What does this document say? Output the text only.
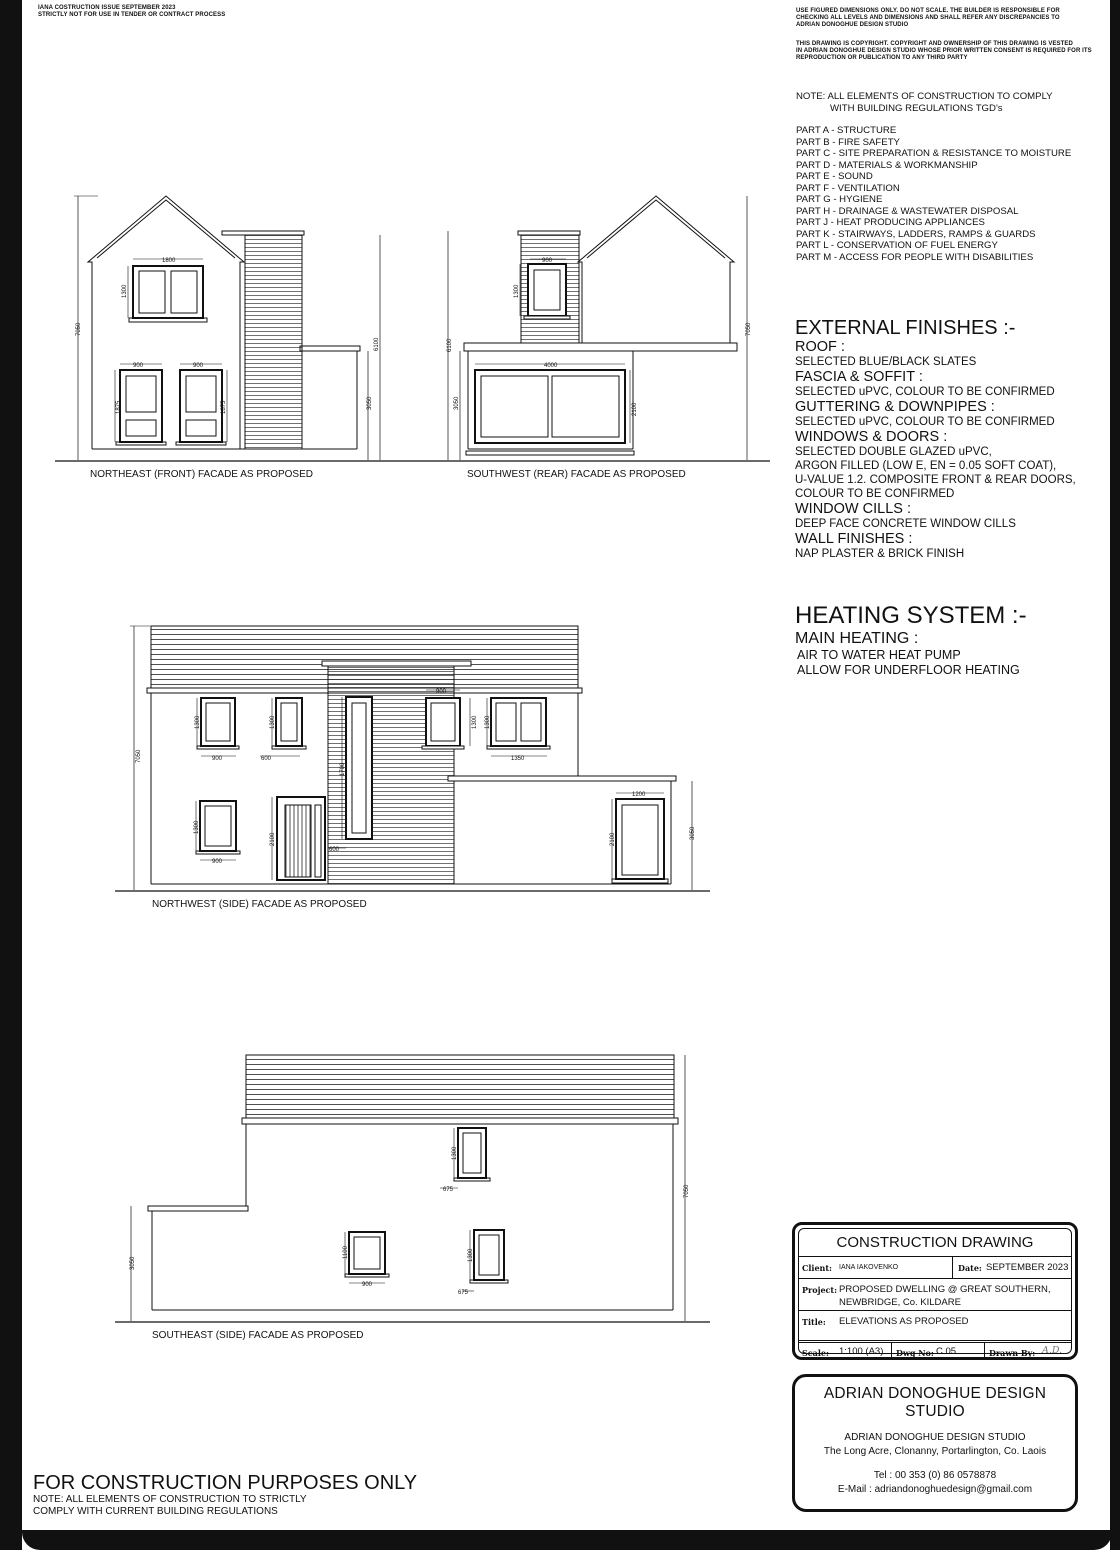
IANA COSTRUCTION ISSUE SEPTEMBER 2023
STRICTLY NOT FOR USE IN TENDER OR CONTRACT PROCESS
USE FIGURED DIMENSIONS ONLY. DO NOT SCALE. THE BUILDER IS RESPONSIBLE FOR
CHECKING ALL LEVELS AND DIMENSIONS AND SHALL REFER ANY DISCREPANCIES TO
ADRIAN DONOGHUE DESIGN STUDIO
THIS DRAWING IS COPYRIGHT. COPYRIGHT AND OWNERSHIP OF THIS DRAWING IS VESTED
IN ADRIAN DONOGHUE DESIGN STUDIO WHOSE PRIOR WRITTEN CONSENT IS REQUIRED FOR ITS
REPRODUCTION OR PUBLICATION TO ANY THIRD PARTY
NOTE: ALL ELEMENTS OF CONSTRUCTION TO COMPLY
WITH BUILDING REGULATIONS TGD's
PART A - STRUCTURE
PART B - FIRE SAFETY
PART C - SITE PREPARATION & RESISTANCE TO MOISTURE
PART D - MATERIALS & WORKMANSHIP
PART E - SOUND
PART F - VENTILATION
PART G - HYGIENE
PART H - DRAINAGE & WASTEWATER DISPOSAL
PART J - HEAT PRODUCING APPLIANCES
PART K - STAIRWAYS, LADDERS, RAMPS & GUARDS
PART L - CONSERVATION OF FUEL ENERGY
PART M - ACCESS FOR PEOPLE WITH DISABILITIES
EXTERNAL FINISHES :-
ROOF :
SELECTED BLUE/BLACK SLATES
FASCIA & SOFFIT :
SELECTED uPVC, COLOUR TO BE CONFIRMED
GUTTERING & DOWNPIPES :
SELECTED uPVC, COLOUR TO BE CONFIRMED
WINDOWS & DOORS :
SELECTED DOUBLE GLAZED uPVC,
ARGON FILLED (LOW E, EN = 0.05 SOFT COAT),
U-VALUE 1.2. COMPOSITE FRONT & REAR DOORS,
COLOUR TO BE CONFIRMED
WINDOW CILLS :
DEEP FACE CONCRETE WINDOW CILLS
WALL FINISHES :
NAP PLASTER & BRICK FINISH
HEATING SYSTEM :-
MAIN HEATING :
AIR TO WATER HEAT PUMP
ALLOW FOR UNDERFLOOR HEATING
1800
1300
900	900
1875	1875
7050
6100
3050
NORTHEAST (FRONT) FACADE AS PROPOSED
900
1300
4000
2100
6100
3050
7050
SOUTHWEST (REAR) FACADE AS PROPOSED
7050
1300
900
1300
600
900
1300 1300
1350
1700
600
1300
900
2100
1200
2100	3050
NORTHWEST (SIDE) FACADE AS PROPOSED
1300
675
1100
900
1300
675
3050
7050
SOUTHEAST (SIDE) FACADE AS PROPOSED
CONSTRUCTION DRAWING
Client: IANA IAKOVENKO	Date: SEPTEMBER 2023
Project: PROPOSED DWELLING @ GREAT SOUTHERN,
NEWBRIDGE, Co. KILDARE
Title: ELEVATIONS AS PROPOSED
Scale: 1:100 (A3) Dwg No: C 05	Drawn By: A.D.
ADRIAN DONOGHUE DESIGN STUDIO
ADRIAN DONOGHUE DESIGN STUDIO
The Long Acre, Clonanny, Portarlington, Co. Laois
Tel : 00 353 (0) 86 0578878
E-Mail : adriandonoghuedesign@gmail.com
FOR CONSTRUCTION PURPOSES ONLY
NOTE: ALL ELEMENTS OF CONSTRUCTION TO STRICTLY
COMPLY WITH CURRENT BUILDING REGULATIONS
